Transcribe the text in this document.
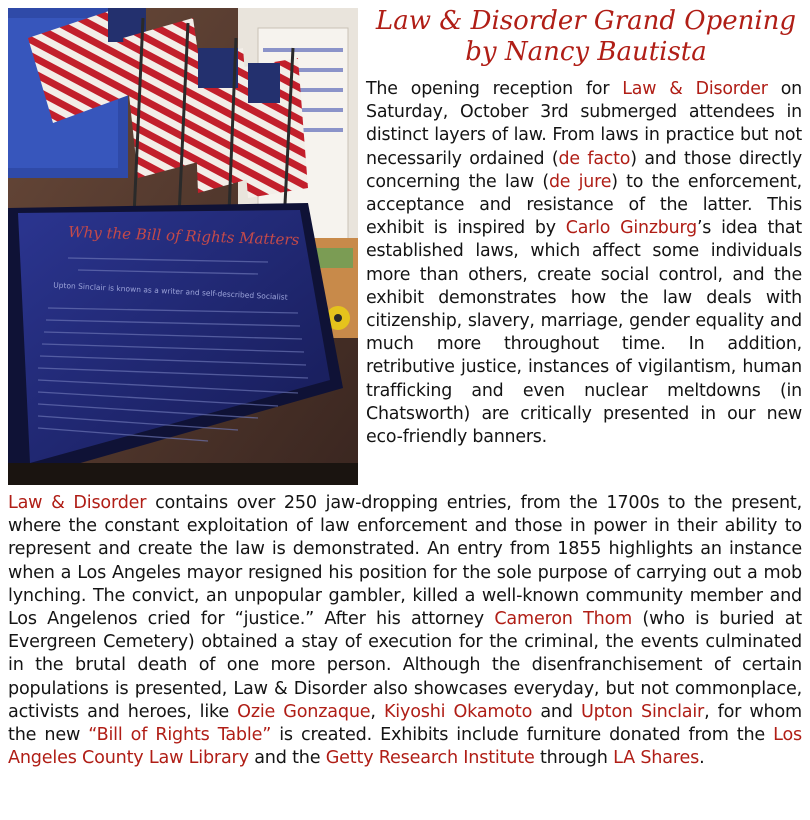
Why the Bill of Rights Matters
Upton Sinclair is known as a writer and self-described Socialist
Law & Disorder Grand Opening
by Nancy Bautista
The opening reception for Law & Disorder on Saturday, October 3rd submerged attendees in distinct layers of law. From laws in practice but not necessarily ordained (de facto) and those directly concerning the law (de jure) to the enforcement, acceptance and resistance of the latter. This exhibit is inspired by Carlo Ginzburg’s idea that established laws, which affect some individuals more than others, create social control, and the exhibit demonstrates how the law deals with citizenship, slavery, marriage, gender equality and much more throughout time. In addition, retributive justice, instances of vigilantism, human trafficking and even nuclear meltdowns (in Chatsworth) are critically presented in our new eco-friendly banners.
Law & Disorder contains over 250 jaw-dropping entries, from the 1700s to the present, where the constant exploitation of law enforcement and those in power in their ability to represent and create the law is demonstrated. An entry from 1855 highlights an instance when a Los Angeles mayor resigned his position for the sole purpose of carrying out a mob lynching. The convict, an unpopular gambler, killed a well-known community member and Los Angelenos cried for “justice.” After his attorney Cameron Thom (who is buried at Evergreen Cemetery) obtained a stay of execution for the criminal, the events culminated in the brutal death of one more person. Although the disenfranchisement of certain populations is presented, Law & Disorder also showcases everyday, but not commonplace, activists and heroes, like Ozie Gonzaque, Kiyoshi Okamoto and Upton Sinclair, for whom the new “Bill of Rights Table” is created. Exhibits include furniture donated from the Los Angeles County Law Library and the Getty Research Institute through LA Shares.
